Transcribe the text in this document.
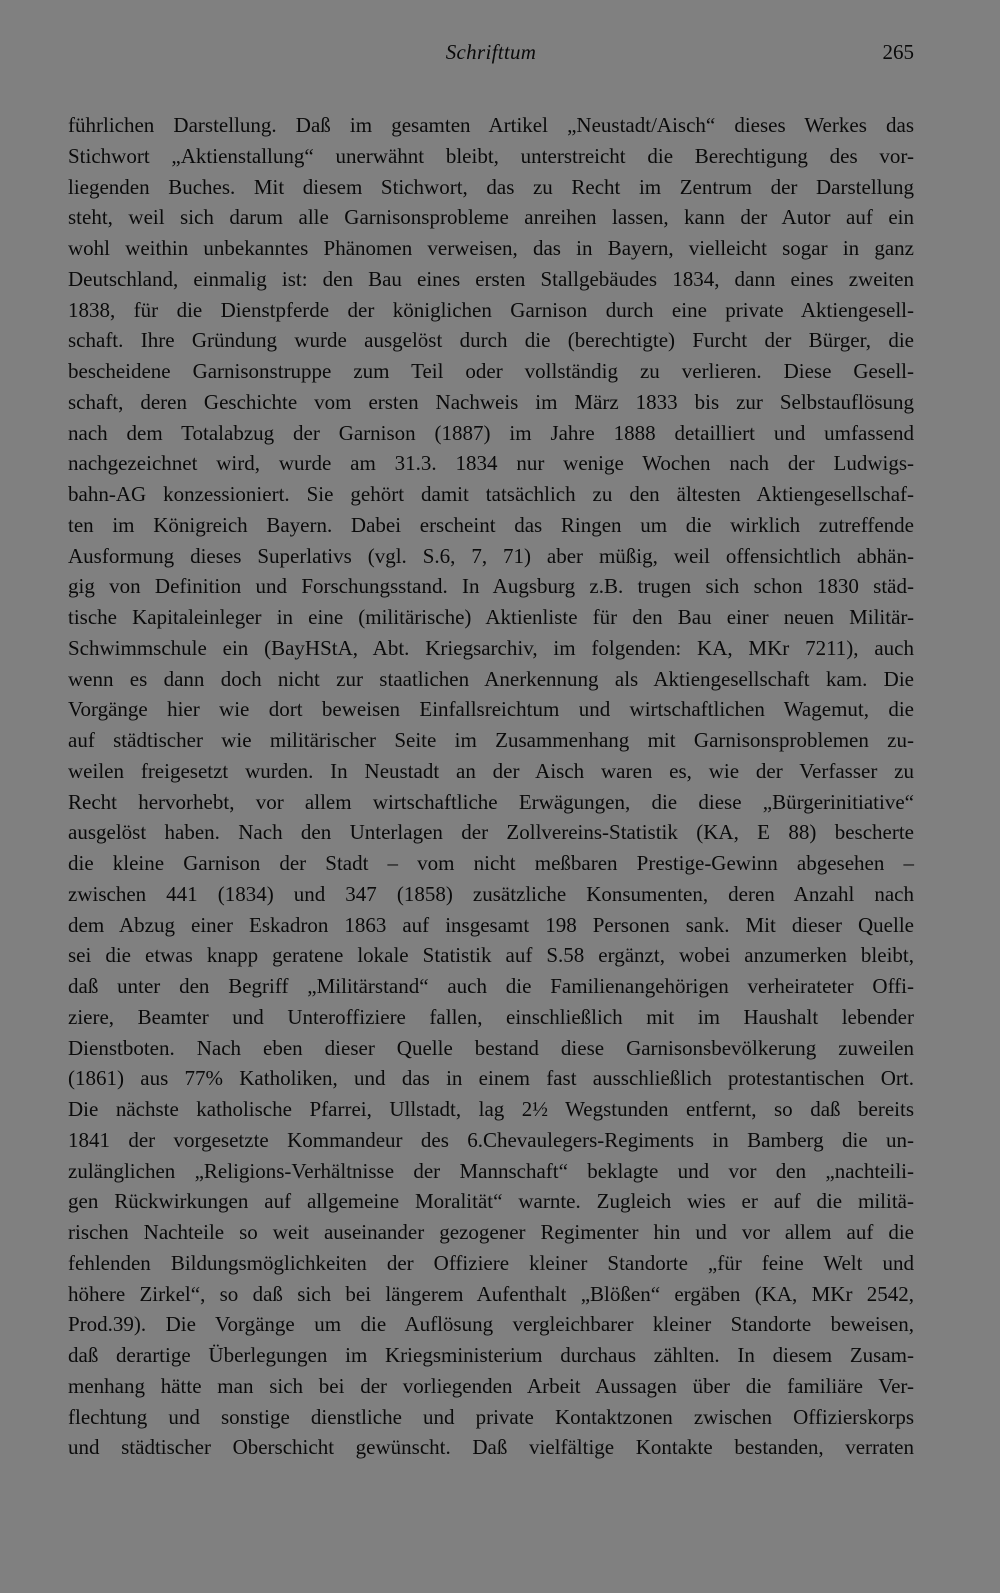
Schrifttum	265
führlichen Darstellung. Daß im gesamten Artikel „Neustadt/Aisch“ dieses Werkes das
Stichwort „Aktienstallung“ unerwähnt bleibt, unterstreicht die Berechtigung des vor-
liegenden Buches. Mit diesem Stichwort, das zu Recht im Zentrum der Darstellung
steht, weil sich darum alle Garnisonsprobleme anreihen lassen, kann der Autor auf ein
wohl weithin unbekanntes Phänomen verweisen, das in Bayern, vielleicht sogar in ganz
Deutschland, einmalig ist: den Bau eines ersten Stallgebäudes 1834, dann eines zweiten
1838, für die Dienstpferde der königlichen Garnison durch eine private Aktiengesell-
schaft. Ihre Gründung wurde ausgelöst durch die (berechtigte) Furcht der Bürger, die
bescheidene Garnisonstruppe zum Teil oder vollständig zu verlieren. Diese Gesell-
schaft, deren Geschichte vom ersten Nachweis im März 1833 bis zur Selbstauflösung
nach dem Totalabzug der Garnison (1887) im Jahre 1888 detailliert und umfassend
nachgezeichnet wird, wurde am 31.3. 1834 nur wenige Wochen nach der Ludwigs-
bahn-AG konzessioniert. Sie gehört damit tatsächlich zu den ältesten Aktiengesellschaf-
ten im Königreich Bayern. Dabei erscheint das Ringen um die wirklich zutreffende
Ausformung dieses Superlativs (vgl. S.6, 7, 71) aber müßig, weil offensichtlich abhän-
gig von Definition und Forschungsstand. In Augsburg z.B. trugen sich schon 1830 städ-
tische Kapitaleinleger in eine (militärische) Aktienliste für den Bau einer neuen Militär-
Schwimmschule ein (BayHStA, Abt. Kriegsarchiv, im folgenden: KA, MKr 7211), auch
wenn es dann doch nicht zur staatlichen Anerkennung als Aktiengesellschaft kam. Die
Vorgänge hier wie dort beweisen Einfallsreichtum und wirtschaftlichen Wagemut, die
auf städtischer wie militärischer Seite im Zusammenhang mit Garnisonsproblemen zu-
weilen freigesetzt wurden. In Neustadt an der Aisch waren es, wie der Verfasser zu
Recht hervorhebt, vor allem wirtschaftliche Erwägungen, die diese „Bürgerinitiative“
ausgelöst haben. Nach den Unterlagen der Zollvereins-Statistik (KA, E 88) bescherte
die kleine Garnison der Stadt – vom nicht meßbaren Prestige-Gewinn abgesehen –
zwischen 441 (1834) und 347 (1858) zusätzliche Konsumenten, deren Anzahl nach
dem Abzug einer Eskadron 1863 auf insgesamt 198 Personen sank. Mit dieser Quelle
sei die etwas knapp geratene lokale Statistik auf S.58 ergänzt, wobei anzumerken bleibt,
daß unter den Begriff „Militärstand“ auch die Familienangehörigen verheirateter Offi-
ziere, Beamter und Unteroffiziere fallen, einschließlich mit im Haushalt lebender
Dienstboten. Nach eben dieser Quelle bestand diese Garnisonsbevölkerung zuweilen
(1861) aus 77% Katholiken, und das in einem fast ausschließlich protestantischen Ort.
Die nächste katholische Pfarrei, Ullstadt, lag 2½ Wegstunden entfernt, so daß bereits
1841 der vorgesetzte Kommandeur des 6.Chevaulegers-Regiments in Bamberg die un-
zulänglichen „Religions-Verhältnisse der Mannschaft“ beklagte und vor den „nachteili-
gen Rückwirkungen auf allgemeine Moralität“ warnte. Zugleich wies er auf die militä-
rischen Nachteile so weit auseinander gezogener Regimenter hin und vor allem auf die
fehlenden Bildungsmöglichkeiten der Offiziere kleiner Standorte „für feine Welt und
höhere Zirkel“, so daß sich bei längerem Aufenthalt „Blößen“ ergäben (KA, MKr 2542,
Prod.39). Die Vorgänge um die Auflösung vergleichbarer kleiner Standorte beweisen,
daß derartige Überlegungen im Kriegsministerium durchaus zählten. In diesem Zusam-
menhang hätte man sich bei der vorliegenden Arbeit Aussagen über die familiäre Ver-
flechtung und sonstige dienstliche und private Kontaktzonen zwischen Offizierskorps
und städtischer Oberschicht gewünscht. Daß vielfältige Kontakte bestanden, verraten
